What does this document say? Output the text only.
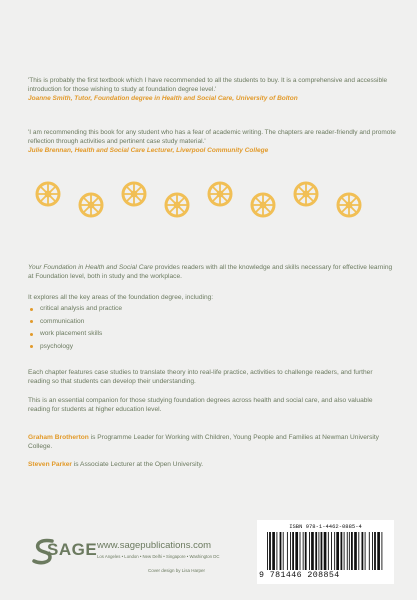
'This is probably the first textbook which I have recommended to all the students to buy. It is a comprehensive and accessible introduction for those wishing to study at foundation degree level.'
Joanne Smith, Tutor, Foundation degree in Health and Social Care, University of Bolton
'I am recommending this book for any student who has a fear of academic writing. The chapters are reader-friendly and promote reflection through activities and pertinent case study material.'
Julie Brennan, Health and Social Care Lecturer, Liverpool Community College

Your Foundation in Health and Social Care provides readers with all the knowledge and skills necessary for effective learning at Foundation level, both in study and the workplace.

It explores all the key areas of the foundation degree, including:

critical analysis and practice
communication
work placement skills
psychology

Each chapter features case studies to translate theory into real-life practice, activities to challenge readers, and further reading so that students can develop their understanding.

This is an essential companion for those studying foundation degrees across health and social care, and also valuable reading for students at higher education level.

Graham Brotherton is Programme Leader for Working with Children, Young People and Families at Newman University College.

Steven Parker is Associate Lecturer at the Open University.

SAGE www.sagepublications.com
Los Angeles • London • New Delhi • Singapore • Washington DC
Cover design by Lisa Harper
ISBN 978-1-4462-0885-4
9 781446 208854
